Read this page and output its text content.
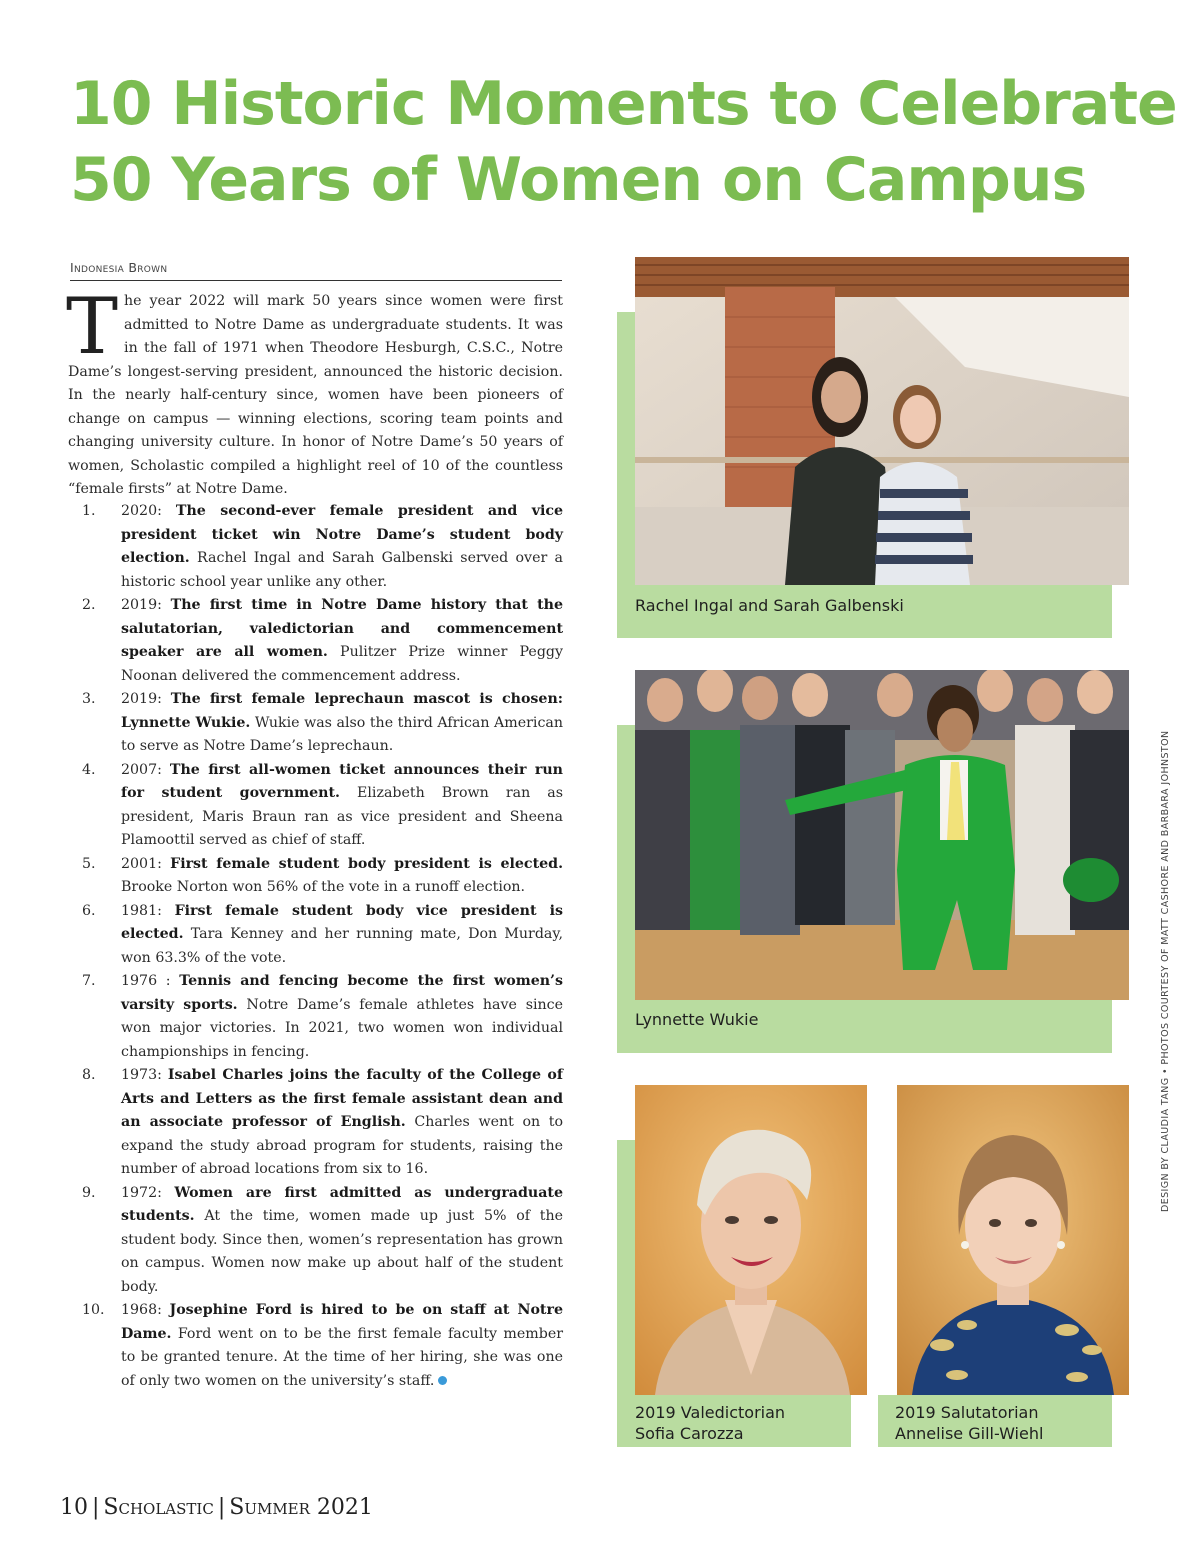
10 Historic Moments to Celebrate
50 Years of Women on Campus
Indonesia Brown
The year 2022 will mark 50 years since women were first admitted to Notre Dame as undergraduate students. It was in the fall of 1971 when Theodore Hesburgh, C.S.C., Notre Dame’s longest-serving president, announced the historic decision. In the nearly half-century since, women have been pioneers of change on campus — winning elections, scoring team points and changing university culture. In honor of Notre Dame’s 50 years of women, Scholastic compiled a highlight reel of 10 of the countless “female firsts” at Notre Dame.
1. 2020: The second-ever female president and vice president ticket win Notre Dame’s student body election. Rachel Ingal and Sarah Galbenski served over a historic school year unlike any other.
2. 2019: The first time in Notre Dame history that the salutatorian, valedictorian and commencement speaker are all women. Pulitzer Prize winner Peggy Noonan delivered the commencement address.
3. 2019: The first female leprechaun mascot is chosen: Lynnette Wukie. Wukie was also the third African American to serve as Notre Dame’s leprechaun.
4. 2007: The first all-women ticket announces their run for student government. Elizabeth Brown ran as president, Maris Braun ran as vice president and Sheena Plamoottil served as chief of staff.
5. 2001: First female student body president is elected. Brooke Norton won 56% of the vote in a runoff election.
6. 1981: First female student body vice president is elected. Tara Kenney and her running mate, Don Murday, won 63.3% of the vote.
7. 1976 : Tennis and fencing become the first women’s varsity sports. Notre Dame’s female athletes have since won major victories. In 2021, two women won individual championships in fencing.
8. 1973: Isabel Charles joins the faculty of the College of Arts and Letters as the first female assistant dean and an associate professor of English. Charles went on to expand the study abroad program for students, raising the number of abroad locations from six to 16.
9. 1972: Women are first admitted as undergraduate students. At the time, women made up just 5% of the student body. Since then, women’s representation has grown on campus. Women now make up about half of the student body.
10. 1968: Josephine Ford is hired to be on staff at Notre Dame. Ford went on to be the first female faculty member to be granted tenure. At the time of her hiring, she was one of only two women on the university’s staff.
Rachel Ingal and Sarah Galbenski
Lynnette Wukie
2019 Valedictorian
Sofia Carozza
2019 Salutatorian
Annelise Gill-Wiehl
DESIGN BY CLAUDIA TANG • PHOTOS COURTESY OF MATT CASHORE AND BARBARA JOHNSTON
10 | Scholastic | Summer 2021
